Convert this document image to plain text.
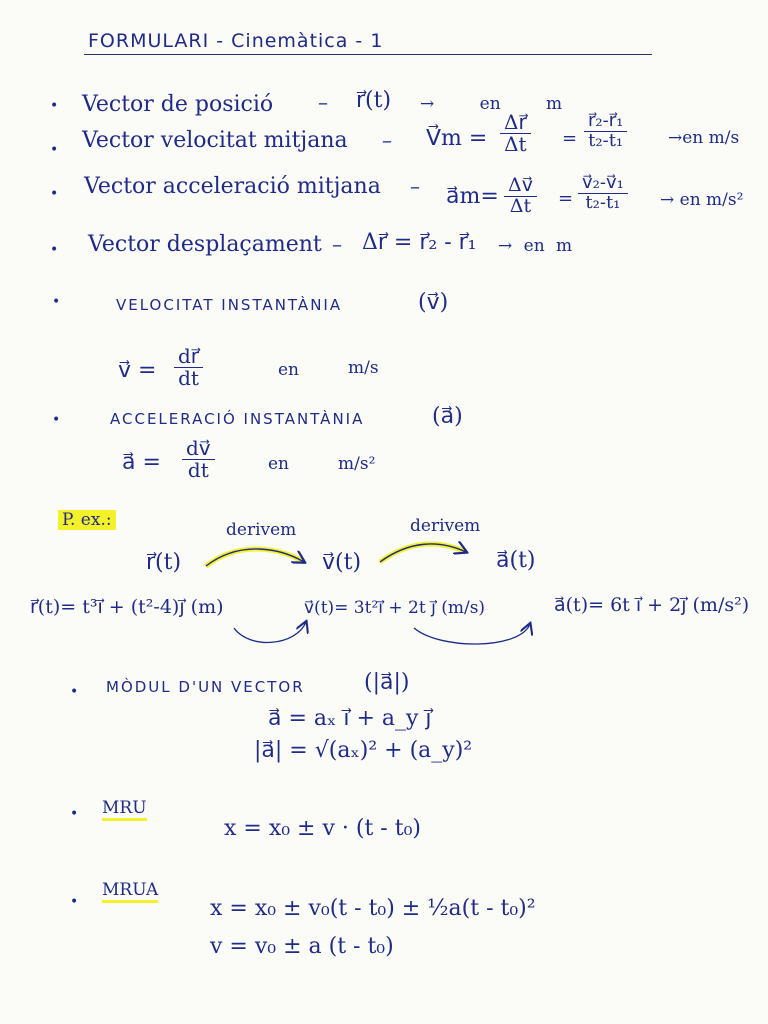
FORMULARI - Cinemàtica - 1
• Vector de posició – r⃗(t) → en m
• Vector velocitat mitjana – V⃗m = $\frac{\Delta r⃗}{\Delta t} = \frac{\text{r⃗₂-r⃗₁}}{\text{t₂-t₁}} \to en$ m/s
• Vector acceleració mitjana – a⃗m= $\frac{\Delta v⃗}{\Delta t} = \frac{\text{v⃗₂-v⃗₁}}{\text{t₂-t₁}}$ → en m/s²
• Vector desplaçament – Δr⃗ = r⃗₂ - r⃗₁ → en m
•	VELOCITAT INSTANTÀNIA	(v⃗)
v⃗ = $\frac{dr⃗}{dt}$	en	m/s
•	ACCELERACIÓ INSTANTÀNIA	(a⃗)
a⃗ = $\frac{dv⃗}{dt}$	en	m/s²
P. ex.:	derivem	derivem
r⃗(t)	v⃗(t)	a⃗(t)
r⃗(t)= t³i⃗ + (t²-4)j⃗ (m)	v⃗(t)= 3t²i⃗ + 2t j⃗ (m/s)	a⃗(t)= 6t i⃗ + 2j⃗ (m/s²)
• MÒDUL D'UN VECTOR	(|a⃗|)
a⃗ = aₓ i⃗ + a_y j⃗
|a⃗| = √(aₓ)² + (a_y)²
• MRU
x = x₀ ± v · (t - t₀)
•
MRUA
x = x₀ ± v₀(t - t₀) ± ½a(t - t₀)²
v = v₀ ± a (t - t₀)
